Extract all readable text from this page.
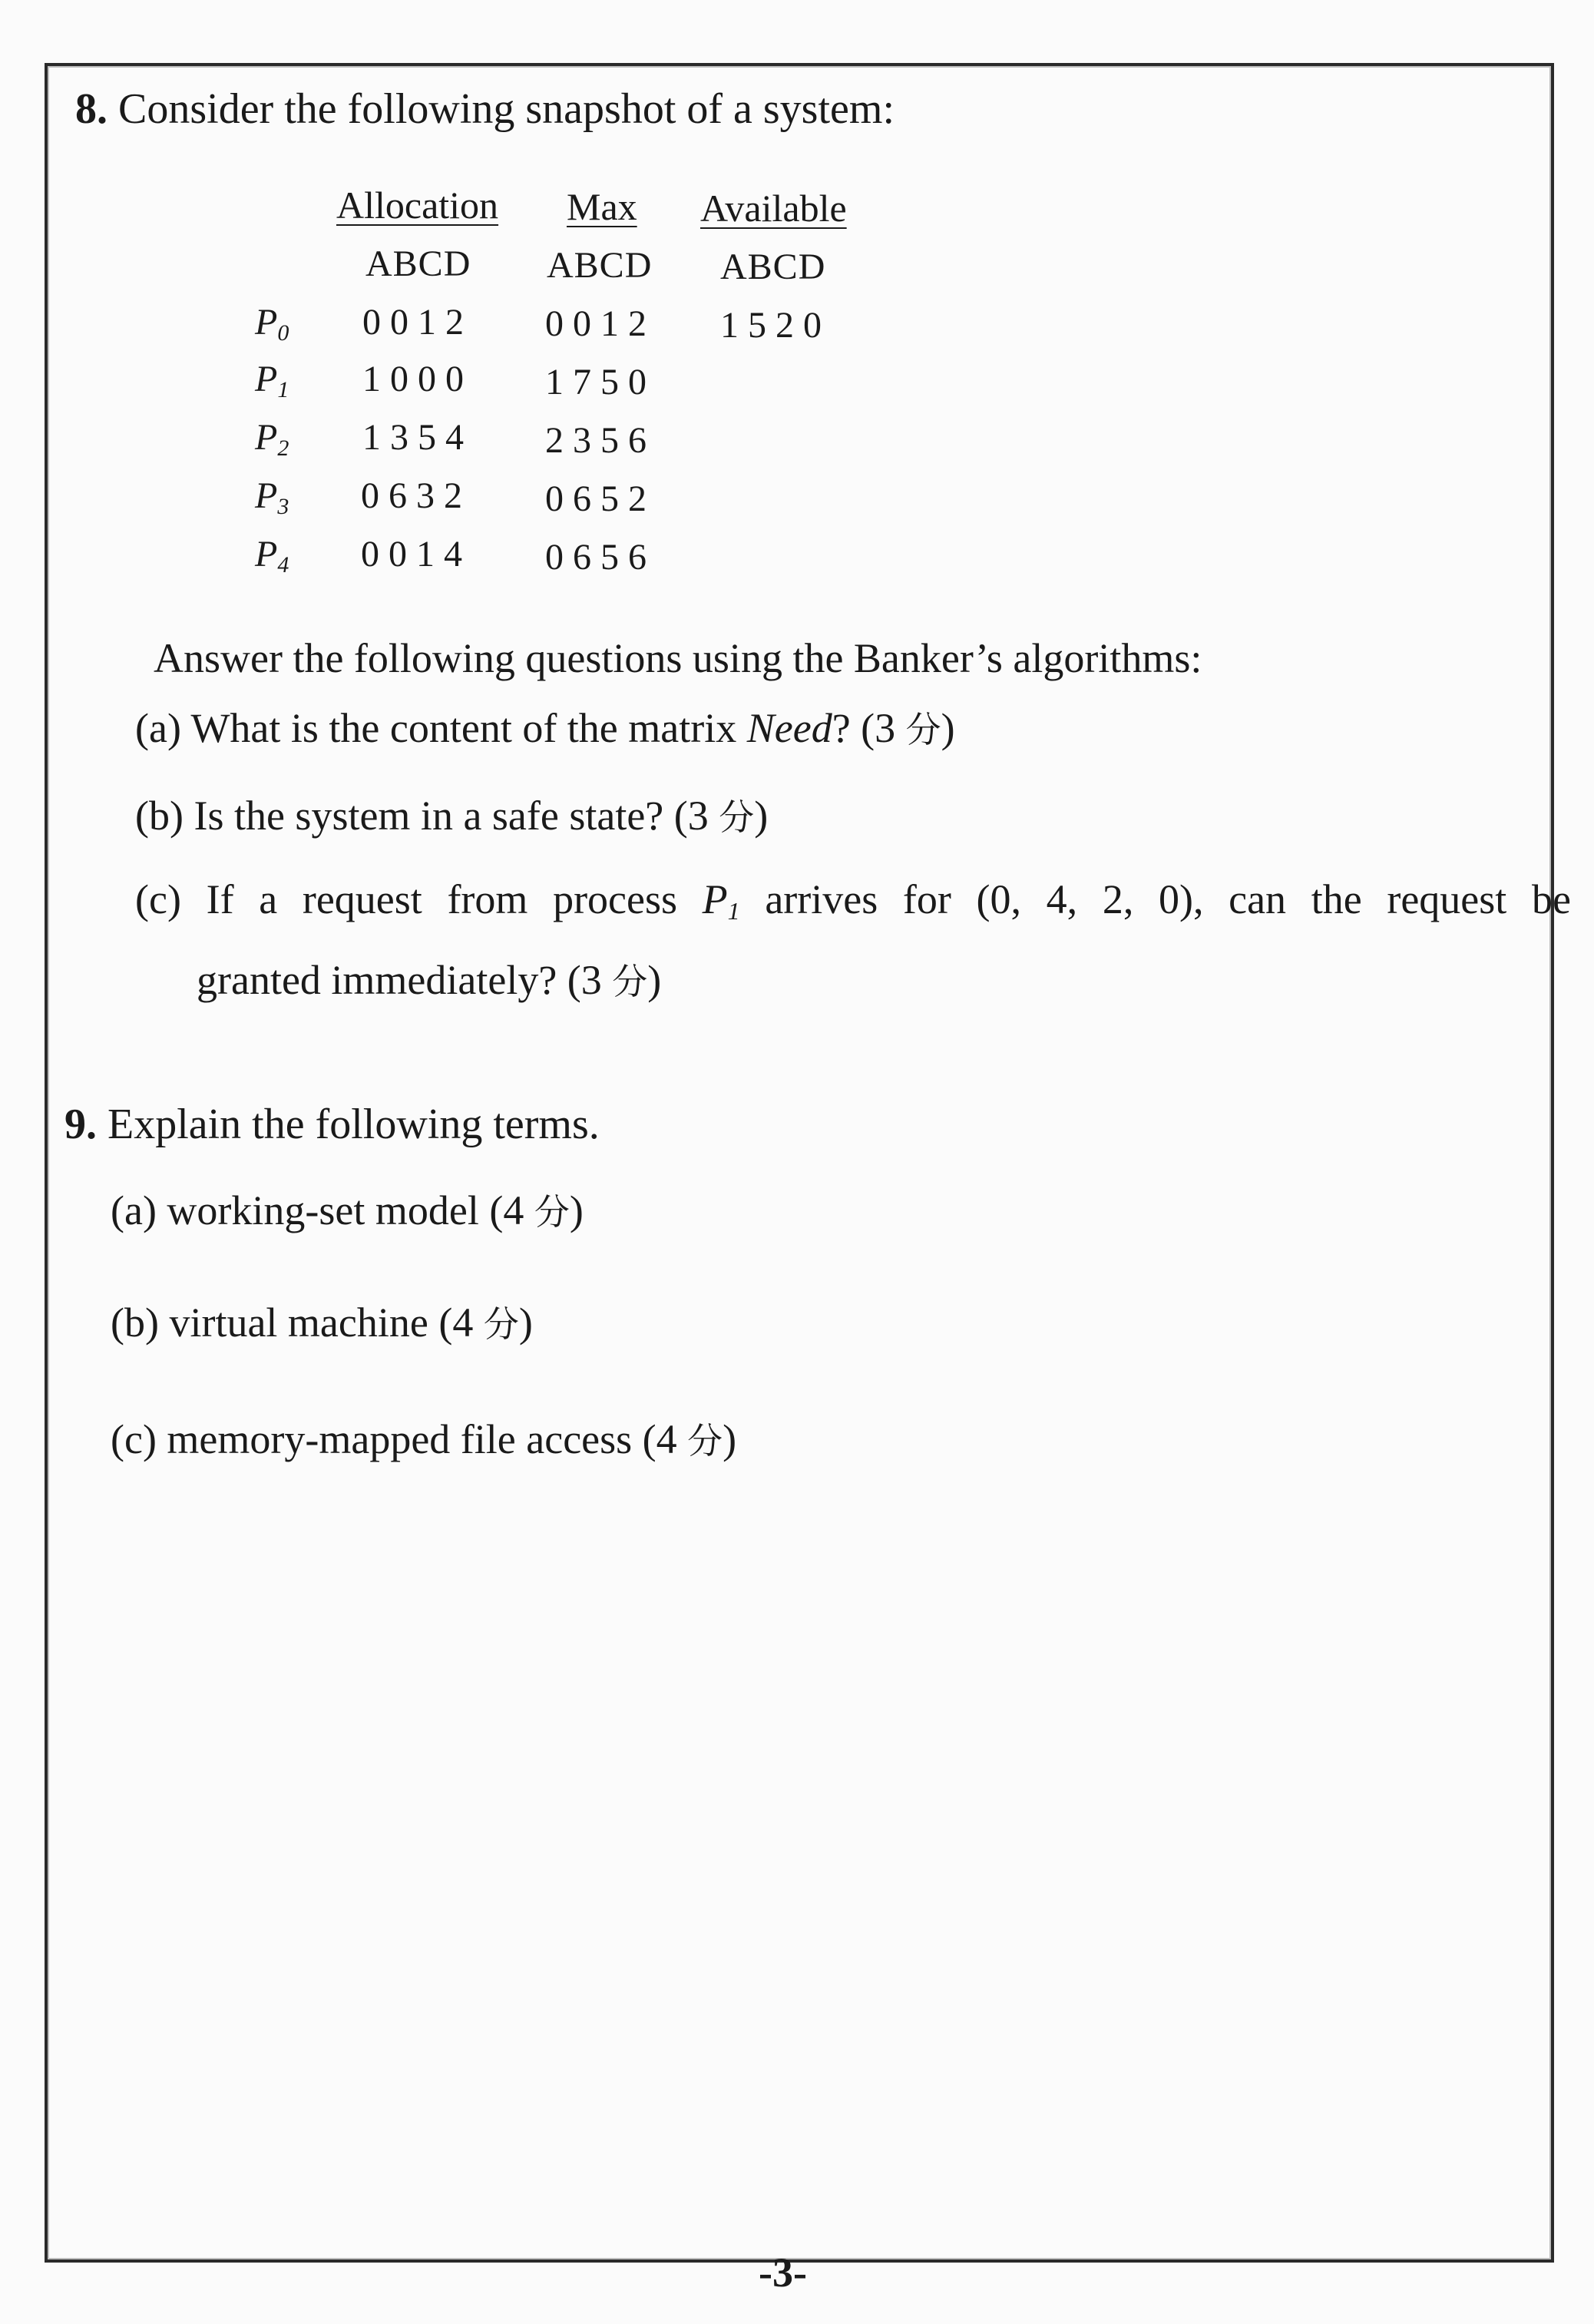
8. Consider the following snapshot of a system:
Allocation Max Available
ABCD ABCD ABCD
$P_0$ 0012 0012 1520
$P_1$ 1000 1750
$P_2$ 1354 2356
$P_3$ 0632 0652
$P_4$ 0014 0656
Answer the following questions using the Banker’s algorithms:
(a) What is the content of the matrix Need? (3 分)
(b) Is the system in a safe state? (3 分)
(c) If a request from process $P_1$ arrives for (0, 4, 2, 0), can the request be
granted immediately? (3 分)
9. Explain the following terms.
(a) working-set model (4 分)
(b) virtual machine (4 分)
(c) memory-mapped file access (4 分)
-3-
